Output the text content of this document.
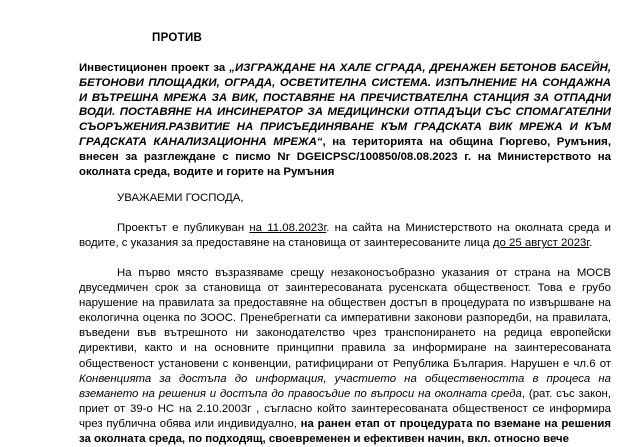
ПРОТИВ

Инвестиционен проект за „ИЗГРАЖДАНЕ НА ХАЛЕ СГРАДА, ДРЕНАЖЕН БЕТОНОВ БАСЕЙН, БЕТОНОВИ ПЛОЩАДКИ, ОГРАДА, ОСВЕТИТЕЛНА СИСТЕМА. ИЗПЪЛНЕНИЕ НА СОНДАЖНА И ВЪТРЕШНА МРЕЖА ЗА ВИК, ПОСТАВЯНЕ НА ПРЕЧИСТВАТЕЛНА СТАНЦИЯ ЗА ОТПАДНИ ВОДИ. ПОСТАВЯНЕ НА ИНСИНЕРАТОР ЗА МЕДИЦИНСКИ ОТПАДЪЦИ СЪС СПОМАГАТЕЛНИ СЪОРЪЖЕНИЯ.РАЗВИТИЕ НА ПРИСЪЕДИНЯВАНЕ КЪМ ГРАДСКАТА ВИК МРЕЖА И КЪМ ГРАДСКАТА КАНАЛИЗАЦИОННА МРЕЖА“, на територията на община Гюргево, Румъния, внесен за разглеждане с писмо Nr DGEICPSC/100850/08.08.2023 г. на Министерството на околната среда, водите и горите на Румъния

УВАЖАЕМИ ГОСПОДА,

Проектът е публикуван на 11.08.2023г. на сайта на Министерството на околната среда и водите, с указания за предоставяне на становища от заинтересованите лица до 25 август 2023г.

На първо място възразяваме срещу незаконосъобразно указания от страна на МОСВ двуседмичен срок за становища от заинтересованата русенската общественост. Това е грубо нарушение на правилата за предоставяне на обществен достъп в процедурата по извършване на екологична оценка по ЗООС. Пренебрегнати са императивни законови разпоредби, на правилата, въведени във вътрешното ни законодателство чрез транспонирането на редица европейски директиви, както и на основните принципни правила за информиране на заинтересованата общественост установени с конвенции, ратифицирани от Република България. Нарушен е чл.6 от Конвенцията за достъпа до информация, участието на обществеността в процеса на вземането на решения и достъпа до правосъдие по въпроси на околната среда, (рат. със закон, приет от 39-о НС на 2.10.2003г , съгласно който заинтересованата общественост се информира чрез публична обява или индивидуално, на ранен етап от процедурата по вземане на решения за околната среда, по подходящ, своевременен и ефективен начин, вкл. относно вече
